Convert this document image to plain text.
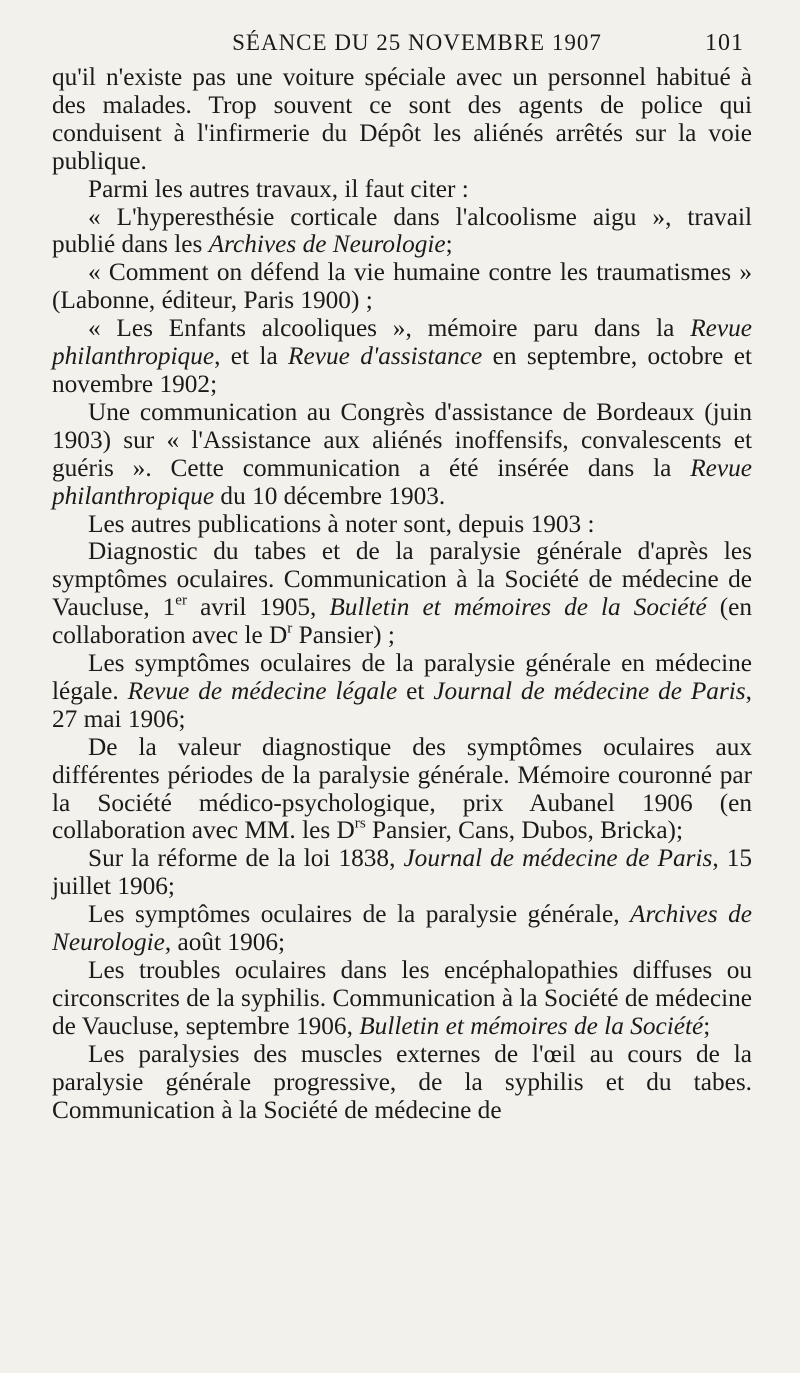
SÉANCE DU 25 NOVEMBRE 1907	101

qu'il n'existe pas une voiture spéciale avec un personnel habitué à des malades. Trop souvent ce sont des agents de police qui conduisent à l'infirmerie du Dépôt les aliénés arrêtés sur la voie publique.

Parmi les autres travaux, il faut citer :

« L'hyperesthésie corticale dans l'alcoolisme aigu », travail publié dans les Archives de Neurologie;

« Comment on défend la vie humaine contre les traumatismes » (Labonne, éditeur, Paris 1900) ;

« Les Enfants alcooliques », mémoire paru dans la Revue philanthropique, et la Revue d'assistance en septembre, octobre et novembre 1902;

Une communication au Congrès d'assistance de Bordeaux (juin 1903) sur « l'Assistance aux aliénés inoffensifs, convalescents et guéris ». Cette communication a été insérée dans la Revue philanthropique du 10 décembre 1903.

Les autres publications à noter sont, depuis 1903 :

Diagnostic du tabes et de la paralysie générale d'après les symptômes oculaires. Communication à la Société de médecine de Vaucluse, 1er avril 1905, Bulletin et mémoires de la Société (en collaboration avec le $D^r$ Pansier) ;

Les symptômes oculaires de la paralysie générale en médecine légale. Revue de médecine légale et Journal de médecine de Paris, 27 mai 1906;

De la valeur diagnostique des symptômes oculaires aux différentes périodes de la paralysie générale. Mémoire couronné par la Société médico-psychologique, prix Aubanel 1906 (en collaboration avec MM. les $D^{rs}$ Pansier, Cans, Dubos, Bricka);

Sur la réforme de la loi 1838, Journal de médecine de Paris, 15 juillet 1906;

Les symptômes oculaires de la paralysie générale, Archives de Neurologie, août 1906;

Les troubles oculaires dans les encéphalopathies diffuses ou circonscrites de la syphilis. Communication à la Société de médecine de Vaucluse, septembre 1906, Bulletin et mémoires de la Société;

Les paralysies des muscles externes de l'œil au cours de la paralysie générale progressive, de la syphilis et du tabes. Communication à la Société de médecine de
